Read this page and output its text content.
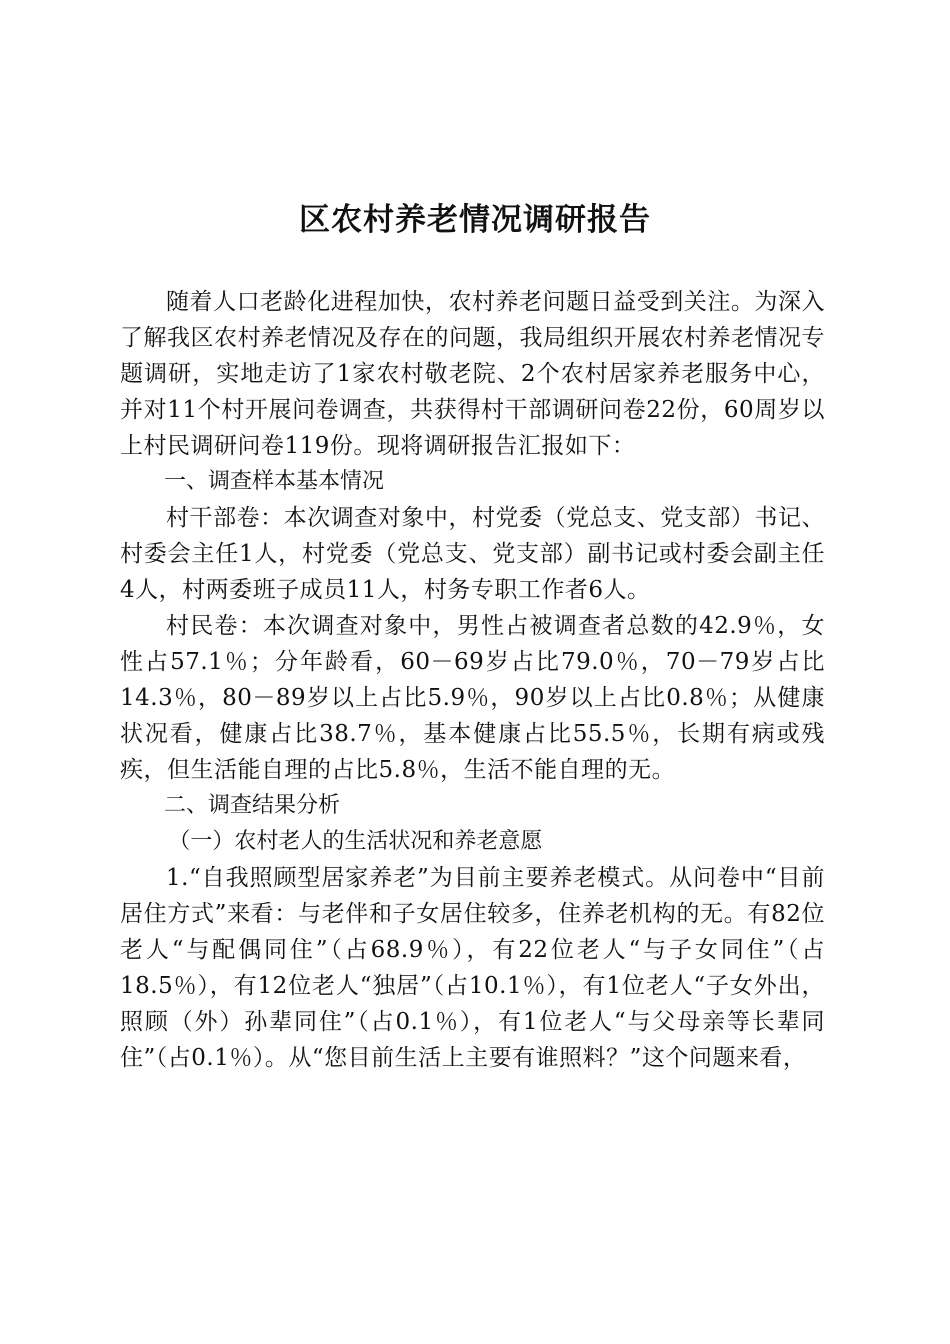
区农村养老情况调研报告

随着人口老龄化进程加快，农村养老问题日益受到关注。为深入了解我区农村养老情况及存在的问题，我局组织开展农村养老情况专题调研，实地走访了1家农村敬老院、2个农村居家养老服务中心，并对11个村开展问卷调查，共获得村干部调研问卷22份，60周岁以上村民调研问卷119份。现将调研报告汇报如下：

一、调查样本基本情况

村干部卷：本次调查对象中，村党委（党总支、党支部）书记、村委会主任1人，村党委（党总支、党支部）副书记或村委会副主任4人，村两委班子成员11人，村务专职工作者6人。

村民卷：本次调查对象中，男性占被调查者总数的42.9％，女性占57.1％；分年龄看，60－69岁占比79.0％，70－79岁占比14.3％，80－89岁以上占比5.9％，90岁以上占比0.8％；从健康状况看，健康占比38.7％，基本健康占比55.5％，长期有病或残疾，但生活能自理的占比5.8％，生活不能自理的无。

二、调查结果分析

（一）农村老人的生活状况和养老意愿

1.“自我照顾型居家养老”为目前主要养老模式。从问卷中“目前居住方式”来看：与老伴和子女居住较多，住养老机构的无。有82位老人“与配偶同住”（占68.9％），有22位老人“与子女同住”（占18.5％），有12位老人“独居”（占10.1％），有1位老人“子女外出，照顾（外）孙辈同住”（占0.1％），有1位老人“与父母亲等长辈同住”（占0.1％）。从“您目前生活上主要有谁照料？”这个问题来看，
